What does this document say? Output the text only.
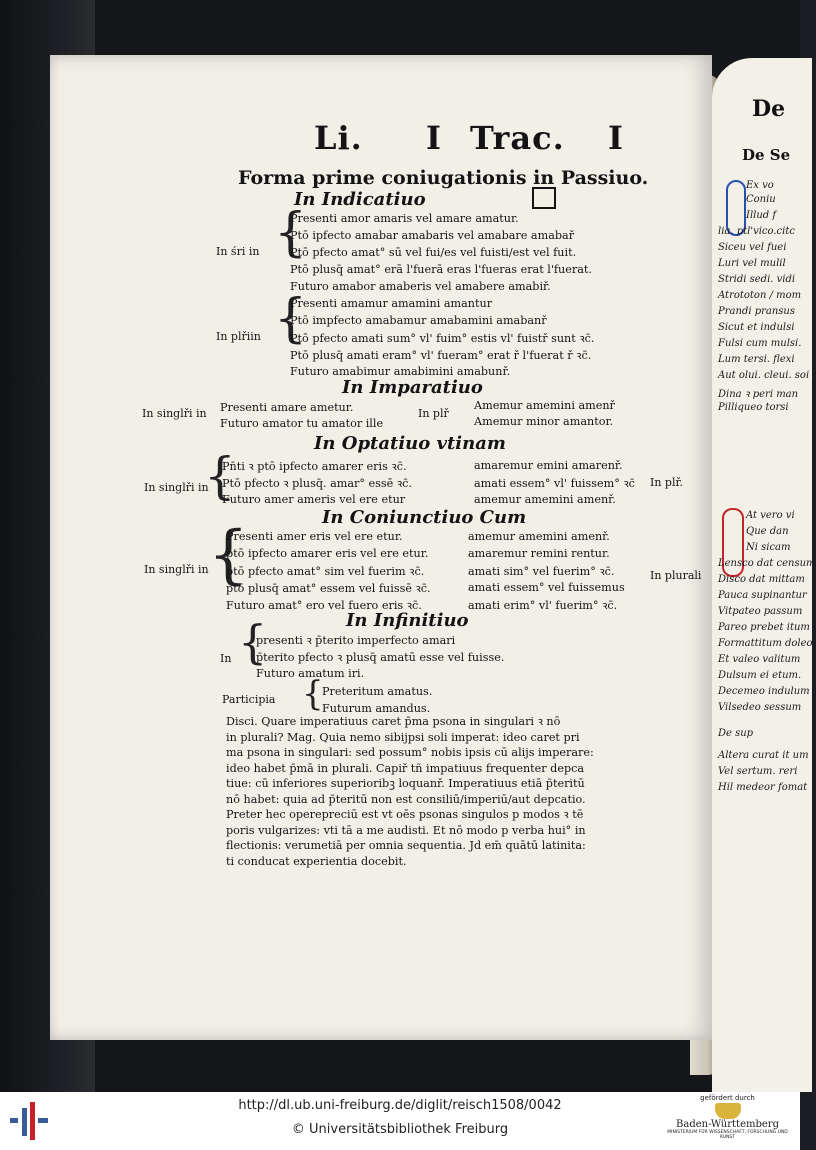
De
De Se
Ex vo
Coniu
Illud f
lia. ptl'vico.citc
Siceu vel fuei
Luri vel mulil
Stridi sedi. vidi
Atrototon / mom
Prandi pransus
Sicut et indulsi
Fulsi cum mulsi.
Lum tersi. flexi
Aut olui. cleui. soi
Dina ꝛ peri man
Pilliqueo torsi
At vero vi
Que dan
Ni sicam
Lensco dat censum
Disco dat mittam
Pauca supinantur
Vitpateo passum
Pareo prebet itum
Formattitum doleo
Et valeo valitum
Dulsum ei etum.
Decemeo indulum
Vilsedeo sessum
De sup
Altera curat it um
Vel sertum. reri
Hil medeor fomat
Li. I Trac. I
Forma prime coniugationis in Passiuo.
In Indicatiuo
In śri in {
Presenti amor amaris vel amare amatur.
Ptō ipfecto amabar amabaris vel amabare amabař
Ptō pfecto amat° sū vel fui/es vel fuisti/est vel fuit.
Ptō plusq̄ amat° erā l'fuerā eras l'fueras erat l'fuerat.
Futuro amabor amaberis vel amabere amabiř.
In plřiin {
Presenti amamur amamini amantur
Ptō impfecto amabamur amabamini amabanř
Ptō pfecto amati sum° vl' fuim° estis vl' fuistř sunt ꝛc̄.
Ptō plusq̄ amati eram° vl' fueram° erat ř l'fuerat ř ꝛc̄.
Futuro amabimur amabimini amabunř.
In Imparatiuo
In singlři in Presenti amare ametur.
Futuro amator tu amator ille
In plř
Amemur amemini amenř
Amemur minor amantor.
In Optatiuo vtinam
In singlři in
{
Pn̄ti ꝛ ptō ipfecto amarer eris ꝛc̄.
Ptō pfecto ꝛ plusq̄. amar° essē ꝛc̄.
Futuro amer ameris vel ere etur
amaremur emini amarenř.
amati essem° vl' fuissem° ꝛc̄
amemur amemini amenř.
In plř.
In Coniunctiuo Cum
In singlři in {
Presenti amer eris vel ere etur.
ptō ipfecto amarer eris vel ere etur.
ptō pfecto amat° sim vel fuerim ꝛc̄.
ptō plusq̄ amat° essem vel fuissē ꝛc̄.
Futuro amat° ero vel fuero eris ꝛc̄.
amemur amemini amenř.
amaremur remini rentur.
amati sim° vel fuerim° ꝛc̄.
amati essem° vel fuissemus
amati erim° vl' fuerim° ꝛc̄.
In plurali
In Infinitiuo
In {
presenti ꝛ p̄terito imperfecto amari
p̄terito pfecto ꝛ plusq̄ amatū esse vel fuisse.
Futuro amatum iri.
Participia {
Preteritum amatus.
Futurum amandus.
Disci. Quare imperatiuus caret p̄ma psona in singulari ꝛ nō
in plurali? Mag. Quia nemo sibijpsi soli imperat: ideo caret pri
ma psona in singulari: sed possum° nobis ipsis cū alijs imperare:
ideo habet p̄mā in plurali. Capiř tñ impatiuus frequenter depca
tiue: cū inferiores superioribꝫ loquanř. Imperatiuus etiā p̄teritū
nō habet: quia ad p̄teritū non est consiliū/imperiū/aut depcatio.
Preter hec operepreciū est vt oēs psonas singulos p modos ꝛ tē
poris vulgarizes: vti tā a me audisti. Et nō modo p verba hui° in
flectionis: verumetiā per omnia sequentia. Jd em̄ quātū latinita:
ti conducat experientia docebit.
http://dl.ub.uni-freiburg.de/diglit/reisch1508/0042
© Universitätsbibliothek Freiburg
gefördert durch
Baden-Württemberg
MINISTERIUM FÜR WISSENSCHAFT, FORSCHUNG UND KUNST
